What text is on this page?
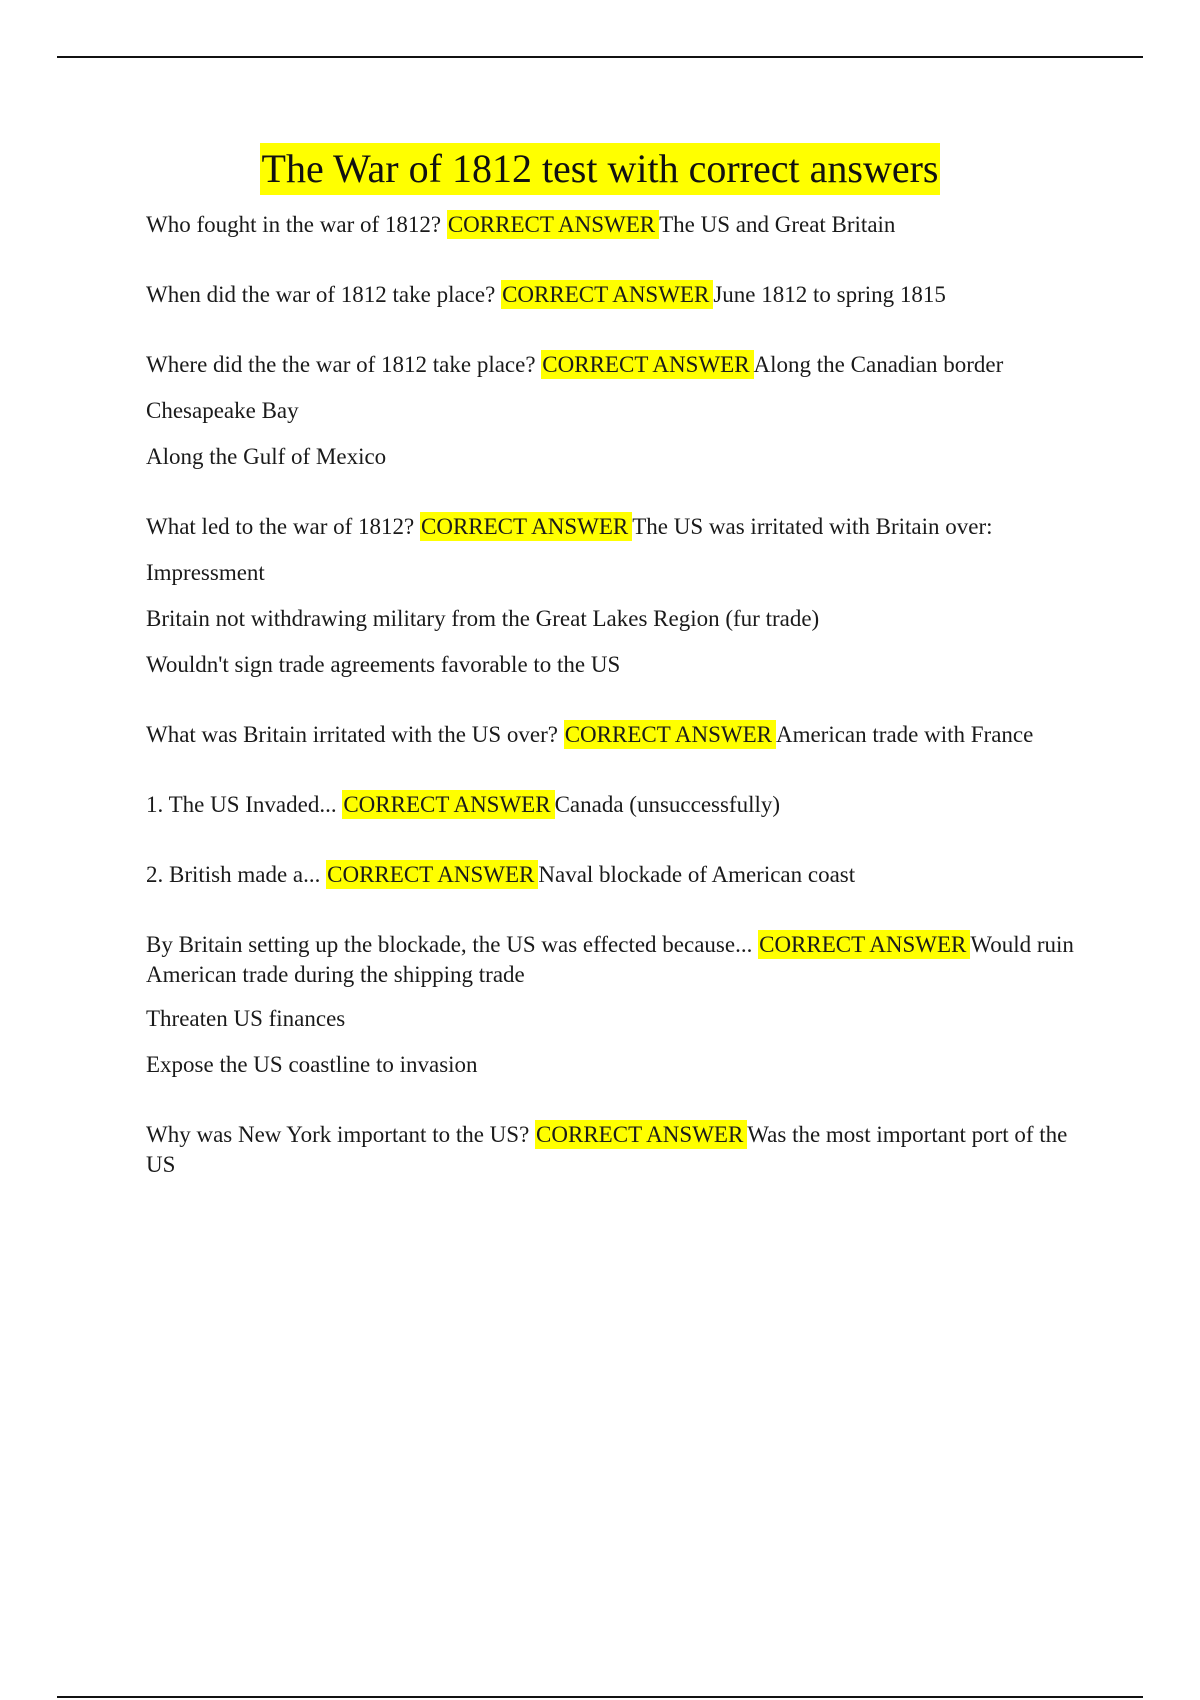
The War of 1812 test with correct answers
Who fought in the war of 1812? CORRECT ANSWER The US and Great Britain
When did the war of 1812 take place? CORRECT ANSWER June 1812 to spring 1815
Where did the the war of 1812 take place? CORRECT ANSWER Along the Canadian border
Chesapeake Bay
Along the Gulf of Mexico
What led to the war of 1812? CORRECT ANSWER The US was irritated with Britain over:
Impressment
Britain not withdrawing military from the Great Lakes Region (fur trade)
Wouldn't sign trade agreements favorable to the US
What was Britain irritated with the US over? CORRECT ANSWER American trade with France
1. The US Invaded... CORRECT ANSWER Canada (unsuccessfully)
2. British made a... CORRECT ANSWER Naval blockade of American coast
By Britain setting up the blockade, the US was effected because... CORRECT ANSWER Would ruin American trade during the shipping trade
Threaten US finances
Expose the US coastline to invasion
Why was New York important to the US? CORRECT ANSWER Was the most important port of the US
